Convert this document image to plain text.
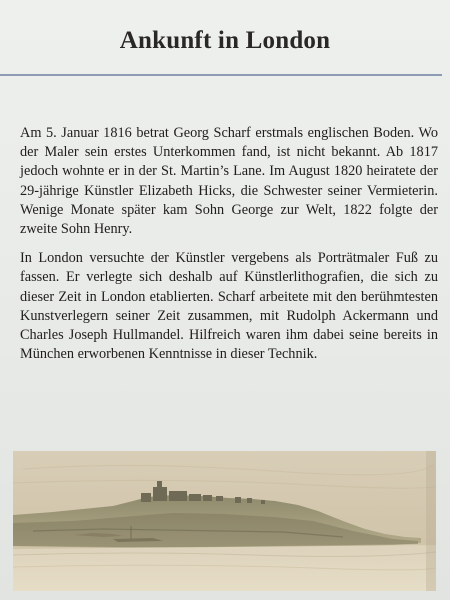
Ankunft in London

Am 5. Januar 1816 betrat Georg Scharf erstmals englischen Boden. Wo der Maler sein erstes Unterkommen fand, ist nicht bekannt. Ab 1817 jedoch wohnte er in der St. Martin’s Lane. Im August 1820 heiratete der 29-jährige Künstler Elizabeth Hicks, die Schwester seiner Vermieterin. Wenige Monate später kam Sohn George zur Welt, 1822 folgte der zweite Sohn Henry.

In London versuchte der Künstler vergebens als Porträtmaler Fuß zu fassen. Er verlegte sich deshalb auf Künstlerlithografien, die sich zu dieser Zeit in London etablierten. Scharf arbeitete mit den berühmtesten Kunstverlegern seiner Zeit zusammen, mit Rudolph Ackermann und Charles Joseph Hullmandel. Hilfreich waren ihm dabei seine bereits in München erworbenen Kenntnisse in dieser Technik.
